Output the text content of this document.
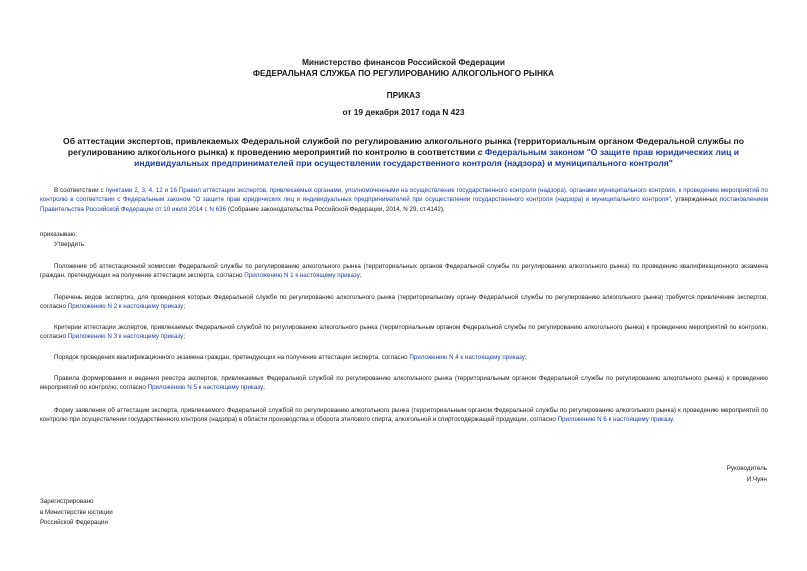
Министерство финансов Российской Федерации
ФЕДЕРАЛЬНАЯ СЛУЖБА ПО РЕГУЛИРОВАНИЮ АЛКОГОЛЬНОГО РЫНКА
ПРИКАЗ
от 19 декабря 2017 года N 423
Об аттестации экспертов, привлекаемых Федеральной службой по регулированию алкогольного рынка (территориальным органом Федеральной службы по регулированию алкогольного рынка) к проведению мероприятий по контролю в соответствии с Федеральным законом "О защите прав юридических лиц и индивидуальных предпринимателей при осуществлении государственного контроля (надзора) и муниципального контроля"
В соответствии с пунктами 2, 3, 4, 12 и 16 Правил аттестации экспертов, привлекаемых органами, уполномоченными на осуществление государственного контроля (надзора), органами муниципального контроля, к проведению мероприятий по контролю в соответствии с Федеральным законом "О защите прав юридических лиц и индивидуальных предпринимателей при осуществлении государственного контроля (надзора) и муниципального контроля", утвержденных постановлением Правительства Российской Федерации от 10 июля 2014 г. N 636 (Собрание законодательства Российской Федерации, 2014, N 29, ст.4142),
приказываю:
Утвердить:
Положение об аттестационной комиссии Федеральной службы по регулированию алкогольного рынка (территориальных органов Федеральной службы по регулированию алкогольного рынка) по проведению квалификационного экзамена граждан, претендующих на получение аттестации эксперта, согласно Приложению N 1 к настоящему приказу;
Перечень видов экспертиз, для проведения которых Федеральной службе по регулированию алкогольного рынка (территориальному органу Федеральной службы по регулированию алкогольного рынка) требуется привлечение экспертов, согласно Приложению N 2 к настоящему приказу;
Критерии аттестации экспертов, привлекаемых Федеральной службой по регулированию алкогольного рынка (территориальным органом Федеральной службы по регулированию алкогольного рынка) к проведению мероприятий по контролю, согласно Приложению N 3 к настоящему приказу;
Порядок проведения квалификационного экзамена граждан, претендующих на получение аттестации эксперта, согласно Приложению N 4 к настоящему приказу;
Правила формирования и ведения реестра экспертов, привлекаемых Федеральной службой по регулированию алкогольного рынка (территориальным органом Федеральной службы по регулированию алкогольного рынка) к проведению мероприятий по контролю, согласно Приложению N 5 к настоящему приказу;
Форму заявления об аттестации эксперта, привлекаемого Федеральной службой по регулированию алкогольного рынка (территориальным органом Федеральной службы по регулированию алкогольного рынка) к проведению мероприятий по контролю при осуществлении государственного контроля (надзора) в области производства и оборота этилового спирта, алкогольной и спиртосодержащей продукции, согласно Приложению N 6 к настоящему приказу.
Руководитель
И.Чуян
Зарегистрировано
в Министерстве юстиции
Российской Федерации
